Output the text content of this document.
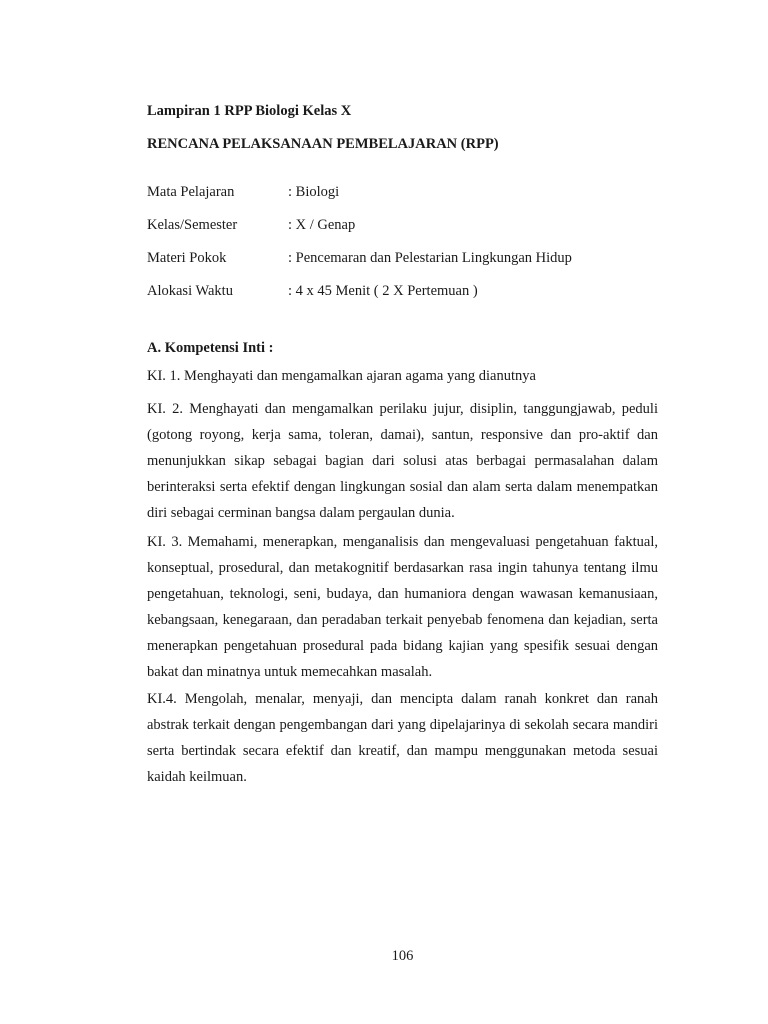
Lampiran 1 RPP Biologi Kelas X
RENCANA PELAKSANAAN PEMBELAJARAN (RPP)
Mata Pelajaran	: Biologi
Kelas/Semester	: X / Genap
Materi Pokok	: Pencemaran dan Pelestarian Lingkungan Hidup
Alokasi Waktu	: 4 x 45 Menit ( 2 X Pertemuan )
A. Kompetensi Inti :

KI. 1. Menghayati dan mengamalkan ajaran agama yang dianutnya

KI. 2. Menghayati dan mengamalkan perilaku jujur, disiplin, tanggungjawab, peduli (gotong royong, kerja sama, toleran, damai), santun, responsive dan pro-aktif dan menunjukkan sikap sebagai bagian dari solusi atas berbagai permasalahan dalam berinteraksi serta efektif dengan lingkungan sosial dan alam serta dalam menempatkan diri sebagai cerminan bangsa dalam pergaulan dunia.

KI. 3. Memahami, menerapkan, menganalisis dan mengevaluasi pengetahuan faktual, konseptual, prosedural, dan metakognitif berdasarkan rasa ingin tahunya tentang ilmu pengetahuan, teknologi, seni, budaya, dan humaniora dengan wawasan kemanusiaan, kebangsaan, kenegaraan, dan peradaban terkait penyebab fenomena dan kejadian, serta menerapkan pengetahuan prosedural pada bidang kajian yang spesifik sesuai dengan bakat dan minatnya untuk memecahkan masalah.

KI.4. Mengolah, menalar, menyaji, dan mencipta dalam ranah konkret dan ranah abstrak terkait dengan pengembangan dari yang dipelajarinya di sekolah secara mandiri serta bertindak secara efektif dan kreatif, dan mampu menggunakan metoda sesuai kaidah keilmuan.

106
